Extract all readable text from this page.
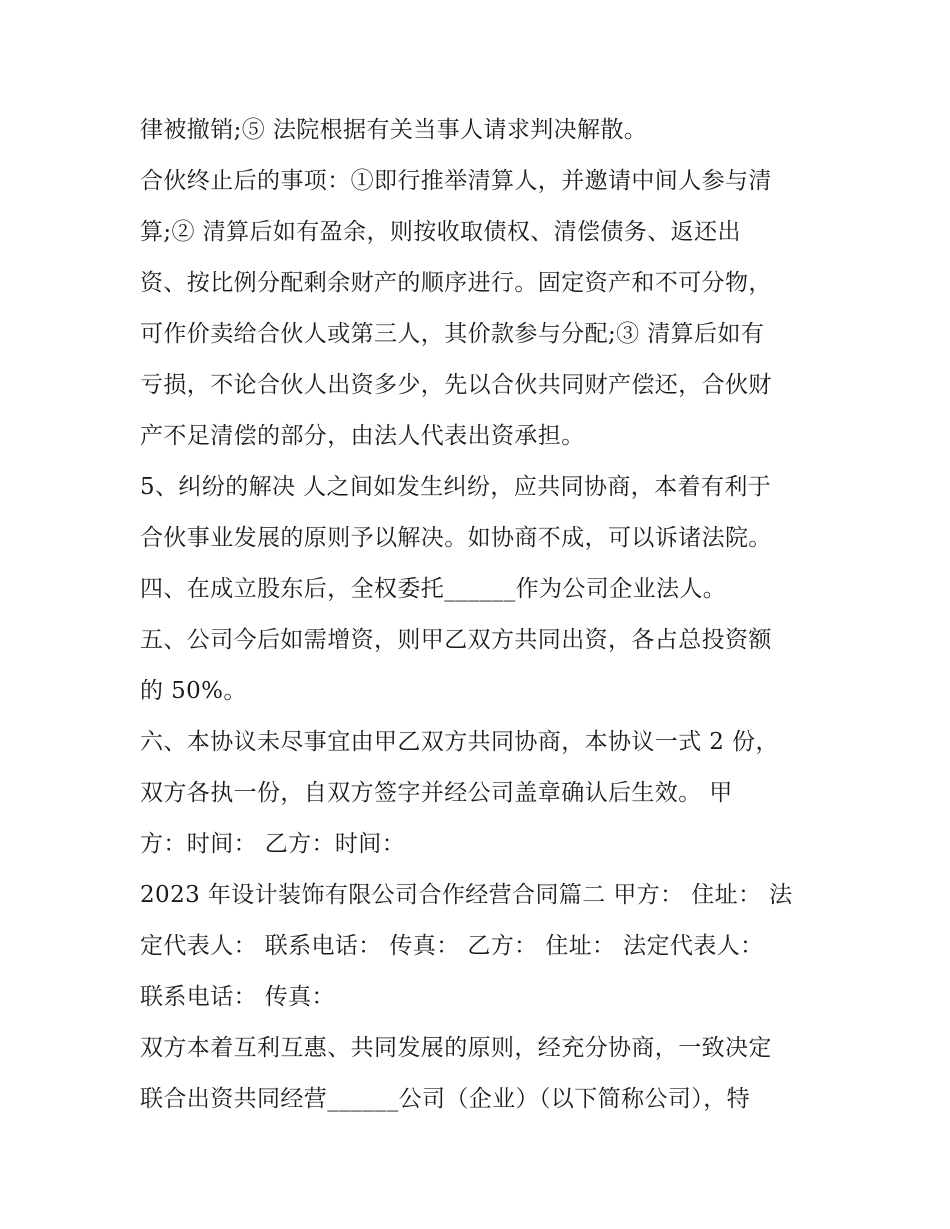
律被撤销;⑤ 法院根据有关当事人请求判决解散。
合伙终止后的事项：①即行推举清算人，并邀请中间人参与清
算;② 清算后如有盈余，则按收取债权、清偿债务、返还出
资、按比例分配剩余财产的顺序进行。固定资产和不可分物，
可作价卖给合伙人或第三人，其价款参与分配;③ 清算后如有
亏损，不论合伙人出资多少，先以合伙共同财产偿还，合伙财
产不足清偿的部分，由法人代表出资承担。
5、纠纷的解决 人之间如发生纠纷，应共同协商，本着有利于
合伙事业发展的原则予以解决。如协商不成，可以诉诸法院。
四、在成立股东后，全权委托______作为公司企业法人。
五、公司今后如需增资，则甲乙双方共同出资，各占总投资额
的 50%。
六、本协议未尽事宜由甲乙双方共同协商，本协议一式 2 份，
双方各执一份，自双方签字并经公司盖章确认后生效。 甲
方：时间： 乙方：时间：
2023 年设计装饰有限公司合作经营合同篇二 甲方： 住址： 法
定代表人： 联系电话： 传真： 乙方： 住址： 法定代表人：
联系电话： 传真：
双方本着互利互惠、共同发展的原则，经充分协商，一致决定
联合出资共同经营______公司（企业）（以下简称公司），特
